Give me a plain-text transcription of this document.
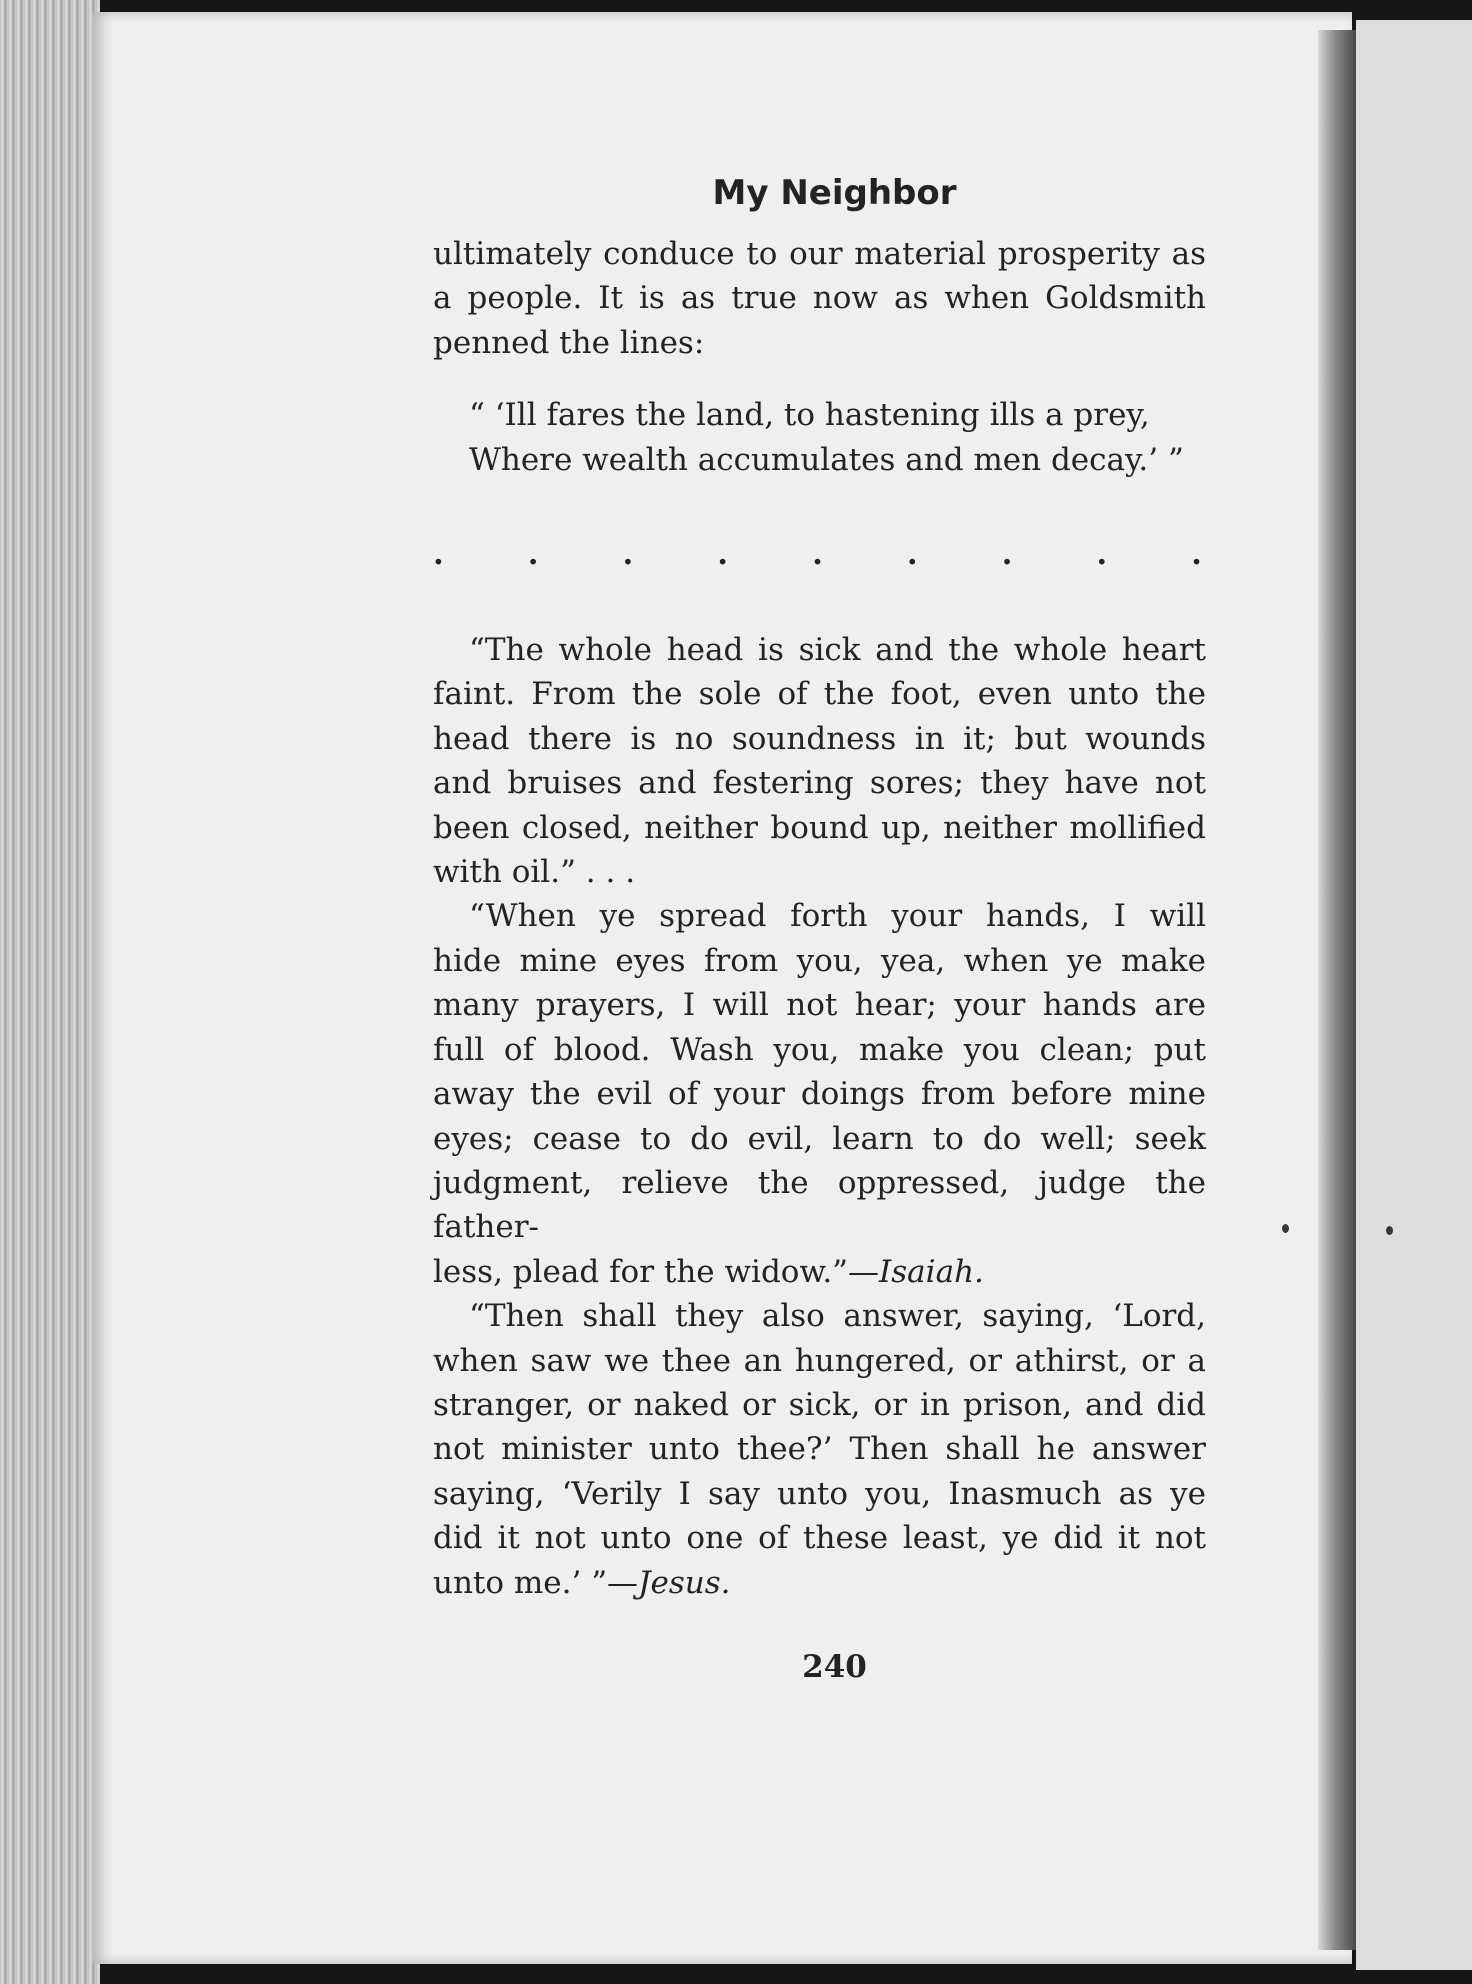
My Neighbor
ultimately conduce to our material prosperity as
a people. It is as true now as when Goldsmith
penned the lines:
“ ‘Ill fares the land, to hastening ills a prey,
Where wealth accumulates and men decay.’ ”
.	.	.	.	.	.	.	.	.
“The whole head is sick and the whole heart
faint. From the sole of the foot, even unto the
head there is no soundness in it; but wounds
and bruises and festering sores; they have not
been closed, neither bound up, neither mollified
with oil.” . . .
“When ye spread forth your hands, I will
hide mine eyes from you, yea, when ye make
many prayers, I will not hear; your hands are
full of blood. Wash you, make you clean; put
away the evil of your doings from before mine
eyes; cease to do evil, learn to do well; seek
judgment, relieve the oppressed, judge the father-
less, plead for the widow.”—Isaiah.
“Then shall they also answer, saying, ‘Lord,
when saw we thee an hungered, or athirst, or a
stranger, or naked or sick, or in prison, and did
not minister unto thee?’ Then shall he answer
saying, ‘Verily I say unto you, Inasmuch as ye
did it not unto one of these least, ye did it not
unto me.’ ”—Jesus.
240
